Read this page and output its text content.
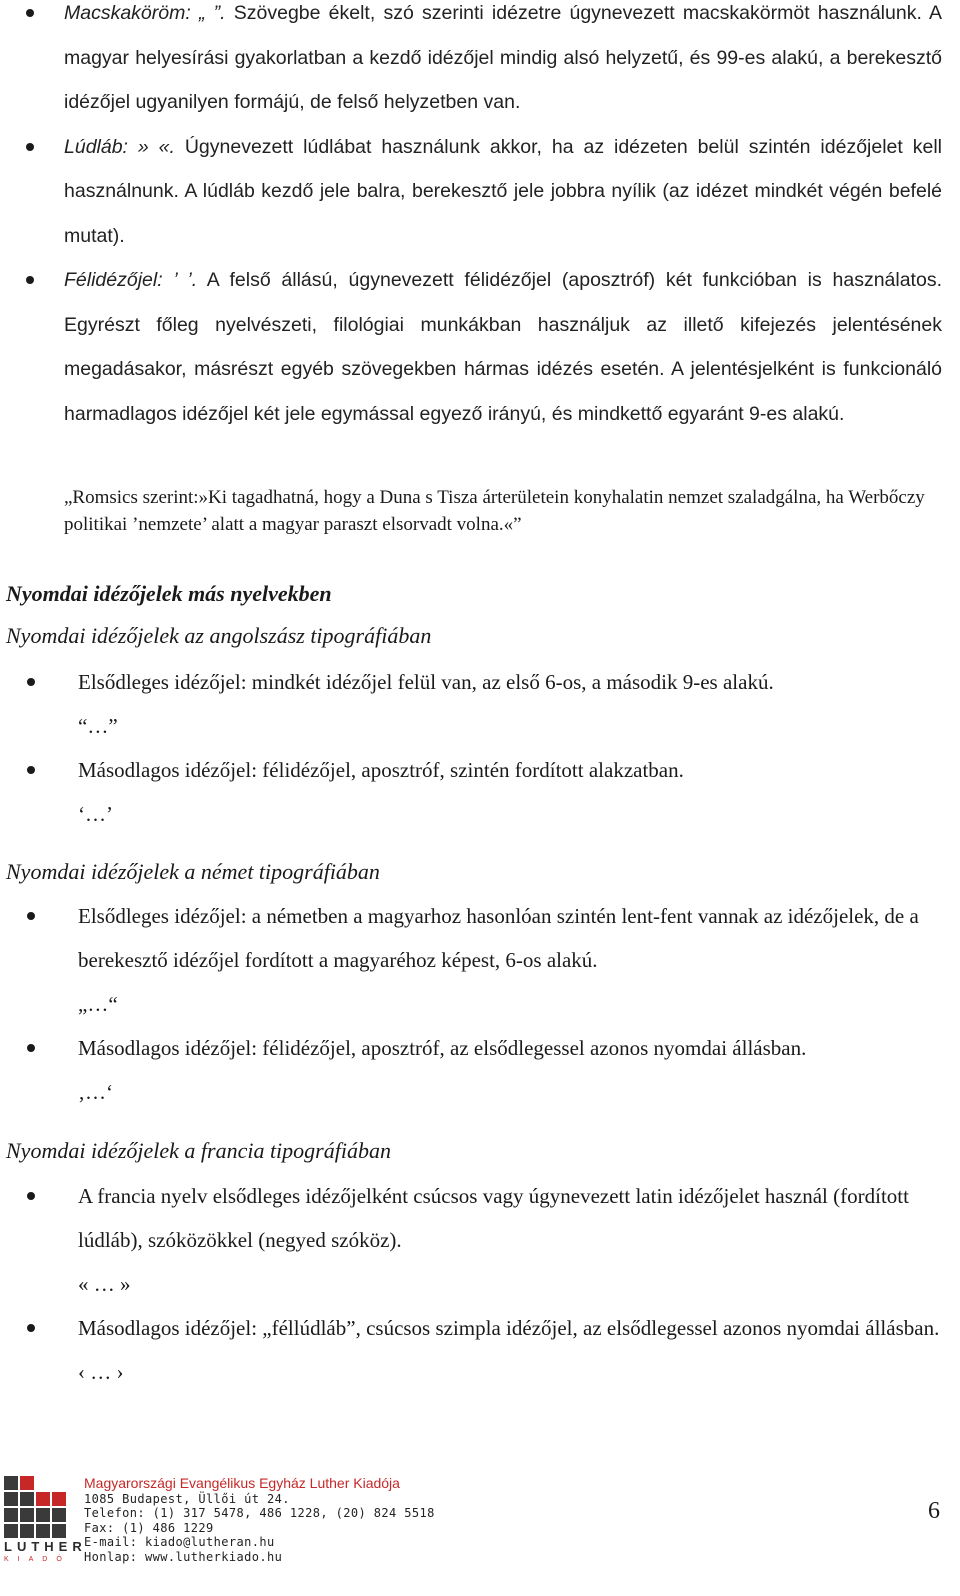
Macskaköröm: „ ”. Szövegbe ékelt, szó szerinti idézetre úgynevezett macskakörmöt használunk. A magyar helyesírási gyakorlatban a kezdő idézőjel mindig alsó helyzetű, és 99-es alakú, a berekesztő idézőjel ugyanilyen formájú, de felső helyzetben van.
Lúdláb: » «. Úgynevezett lúdlábat használunk akkor, ha az idézeten belül szintén idézőjelet kell használnunk. A lúdláb kezdő jele balra, berekesztő jele jobbra nyílik (az idézet mindkét végén befelé mutat).
Félidézőjel: ’ ’. A felső állású, úgynevezett félidézőjel (aposztróf) két funkcióban is használatos. Egyrészt főleg nyelvészeti, filológiai munkákban használjuk az illető kifejezés jelentésének megadásakor, másrészt egyéb szövegekben hármas idézés esetén. A jelentésjelként is funkcionáló harmadlagos idézőjel két jele egymással egyező irányú, és mindkettő egyaránt 9-es alakú.
„Romsics szerint:»Ki tagadhatná, hogy a Duna s Tisza árterületein konyhalatin nemzet szaladgálna, ha Werbőczy politikai ’nemzete’ alatt a magyar paraszt elsorvadt volna.«”
Nyomdai idézőjelek más nyelvekben
Nyomdai idézőjelek az angolszász tipográfiában
Elsődleges idézőjel: mindkét idézőjel felül van, az első 6-os, a második 9-es alakú.
“…”
Másodlagos idézőjel: félidézőjel, aposztróf, szintén fordított alakzatban.
‘…’
Nyomdai idézőjelek a német tipográfiában
Elsődleges idézőjel: a németben a magyarhoz hasonlóan szintén lent-fent vannak az idézőjelek, de a berekesztő idézőjel fordított a magyaréhoz képest, 6-os alakú.
„…“
Másodlagos idézőjel: félidézőjel, aposztróf, az elsődlegessel azonos nyomdai állásban.
‚…‘
Nyomdai idézőjelek a francia tipográfiában
A francia nyelv elsődleges idézőjelként csúcsos vagy úgynevezett latin idézőjelet használ (fordított lúdláb), szóközökkel (negyed szóköz).
« … »
Másodlagos idézőjel: „féllúdláb”, csúcsos szimpla idézőjel, az elsődlegessel azonos nyomdai állásban.
‹ … ›
LUTHER
KIADÓ
Magyarországi Evangélikus Egyház Luther Kiadója
1085 Budapest, Üllői út 24.
Telefon: (1) 317 5478, 486 1228, (20) 824 5518
Fax: (1) 486 1229
E-mail: kiado@lutheran.hu
Honlap: www.lutherkiado.hu
6
